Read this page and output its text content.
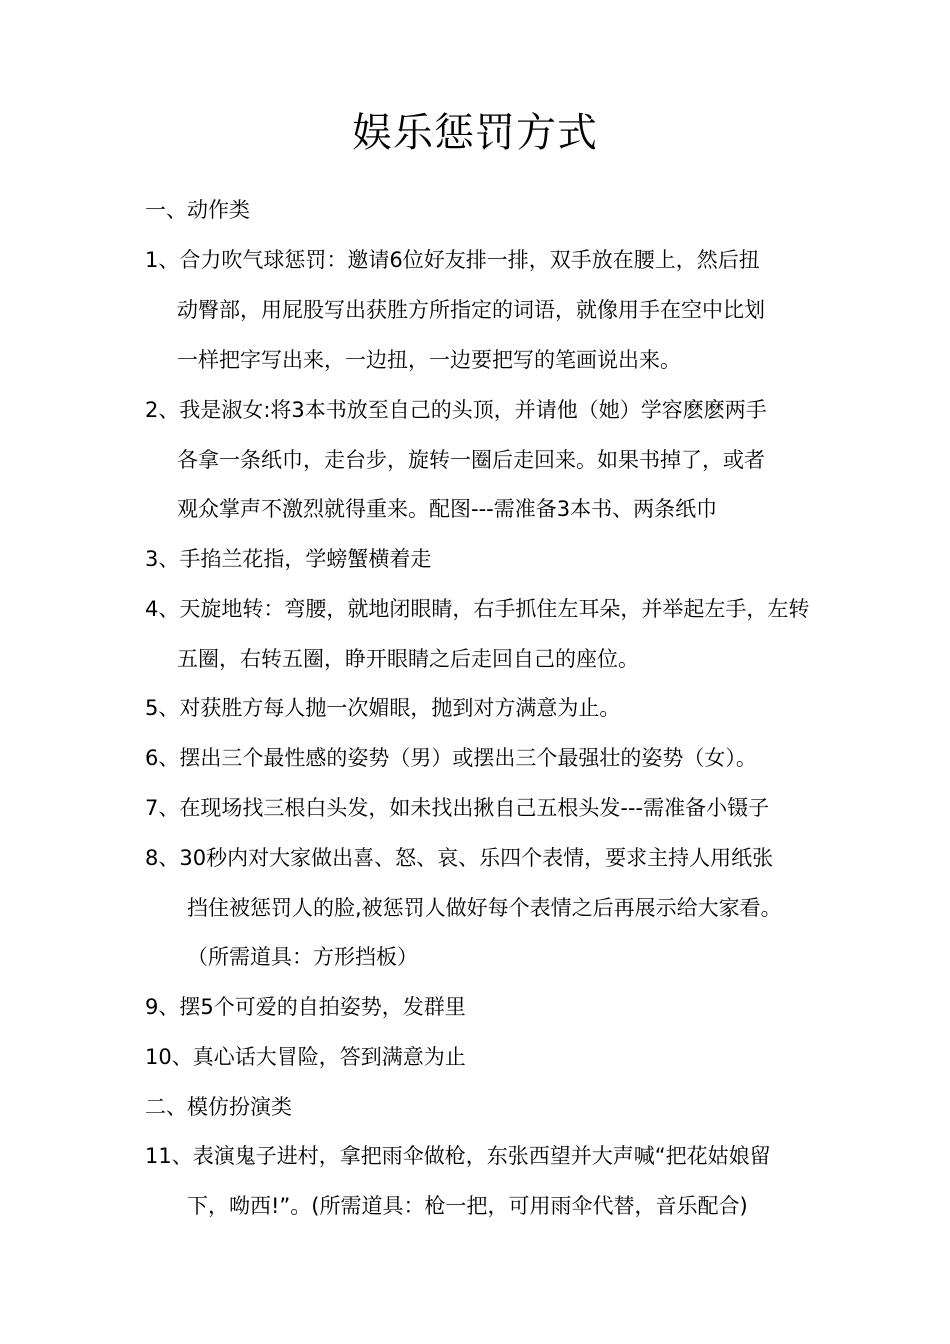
娱乐惩罚方式
一、动作类
1、合力吹气球惩罚：邀请6位好友排一排，双手放在腰上，然后扭
动臀部，用屁股写出获胜方所指定的词语，就像用手在空中比划
一样把字写出来，一边扭，一边要把写的笔画说出来。
2、我是淑女:将3本书放至自己的头顶，并请他（她）学容麽麽两手
各拿一条纸巾，走台步，旋转一圈后走回来。如果书掉了，或者
观众掌声不激烈就得重来。配图---需准备3本书、两条纸巾
3、手掐兰花指，学螃蟹横着走
4、天旋地转：弯腰，就地闭眼睛，右手抓住左耳朵，并举起左手，左转
五圈，右转五圈，睁开眼睛之后走回自己的座位。
5、对获胜方每人抛一次媚眼，抛到对方满意为止。
6、摆出三个最性感的姿势（男）或摆出三个最强壮的姿势（女）。
7、在现场找三根白头发，如未找出揪自己五根头发---需准备小镊子
8、30秒内对大家做出喜、怒、哀、乐四个表情，要求主持人用纸张
挡住被惩罚人的脸,被惩罚人做好每个表情之后再展示给大家看。
（所需道具：方形挡板）
9、摆5个可爱的自拍姿势，发群里
10、真心话大冒险，答到满意为止
二、模仿扮演类
11、表演鬼子进村，拿把雨伞做枪，东张西望并大声喊“把花姑娘留
下，呦西!”。(所需道具：枪一把，可用雨伞代替，音乐配合)
